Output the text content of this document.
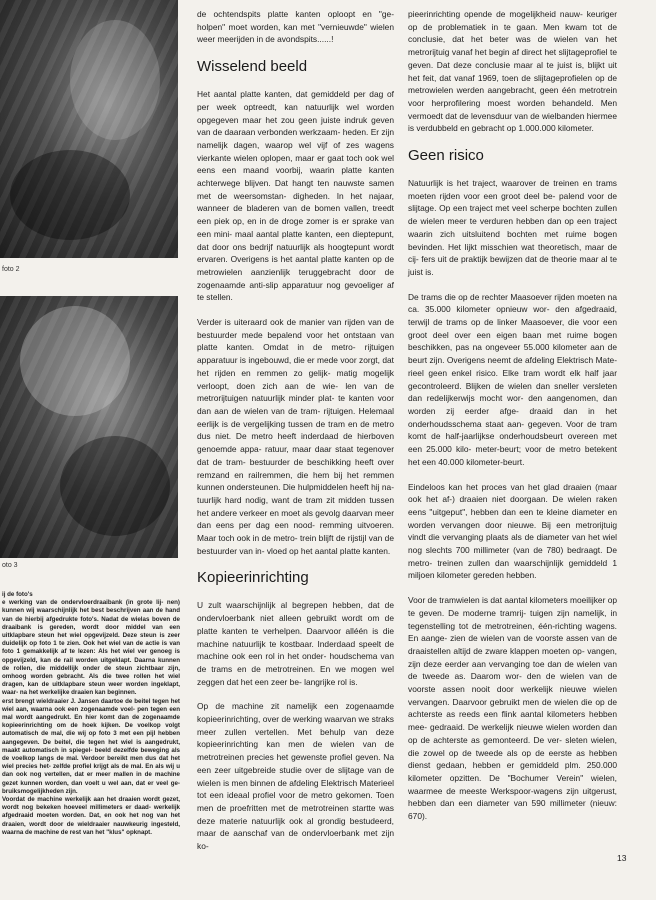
foto 2
oto 3

ij de foto's

e werking van de ondervloerdraaibank (in grote lij- nen) kunnen wij waarschijnlijk het best beschrijven aan de hand van de hierbij afgedrukte foto's. Nadat de wielas boven de draaibank is gereden, wordt door middel van een uitklapbare steun het wiel opgevijzeld. Deze steun is zeer duidelijk op foto 1 te zien. Ook het wiel van de actie is van foto 1 gemakkelijk af te lezen: Als het wiel ver genoeg is opgevijzeld, kan de rail worden uitgeklapt. Daarna kunnen de rollen, die middellijk onder de steun zichtbaar zijn, omhoog worden gebracht. Als die twee rollen het wiel dragen, kan de uitklapbare steun weer worden ingeklapt, waar- na het werkelijke draaien kan beginnen.

erst brengt wieldraaier J. Jansen daartoe de beitel tegen het wiel aan, waarna ook een zogenaamde voel- pen tegen een mal wordt aangedrukt. En hier komt dan de zogenaamde kopieerinrichting om de hoek kijken. De voelkop volgt automatisch de mal, die wij op foto 3 met een pijl hebben aangegeven. De beitel, die tegen het wiel is aangedrukt, maakt automatisch in spiegel- beeld dezelfde beweging als de voelkop langs de mal. Verdoor bereikt men dus dat het wiel precies het- zelfde profiel krijgt als de mal. En als wij u dan ook nog vertellen, dat er meer mallen in de machine gezet kunnen worden, dan voelt u wel aan, dat er veel ge- bruiksmogelijkheden zijn.

Voordat de machine werkelijk aan het draaien wordt gezet, wordt nog bekeken hoeveel millimeters er daad- werkelijk afgedraaid moeten worden. Dat, en ook het nog van het draaien, wordt door de wieldraaier nauwkeurig ingesteld, waarna de machine de rest van het "klus" opknapt.

de ochtendspits platte kanten oploopt en "ge- holpen" moet worden, kan met "vernieuwde" wielen weer meerijden in de avondspits......!

Wisselend beeld

Het aantal platte kanten, dat gemiddeld per dag of per week optreedt, kan natuurlijk wel worden opgegeven maar het zou geen juiste indruk geven van de daaraan verbonden werkzaam- heden. Er zijn namelijk dagen, waarop wel vijf of zes wagens vierkante wielen oplopen, maar er gaat toch ook wel eens een maand voorbij, waarin platte kanten achterwege blijven. Dat hangt ten nauwste samen met de weersomstan- digheden. In het najaar, wanneer de bladeren van de bomen vallen, treedt een piek op, en in de droge zomer is er sprake van een mini- maal aantal platte kanten, een dieptepunt, dat door ons bedrijf natuurlijk als hoogtepunt wordt ervaren. Overigens is het aantal platte kanten op de metrowielen aanzienlijk teruggebracht door de zogenaamde anti-slip apparatuur nog gevoeliger af te stellen.

Verder is uiteraard ook de manier van rijden van de bestuurder mede bepalend voor het ontstaan van platte kanten. Omdat in de metro- rijtuigen apparatuur is ingebouwd, die er mede voor zorgt, dat het rijden en remmen zo gelijk- matig mogelijk verloopt, doen zich aan de wie- len van de metrorijtuigen natuurlijk minder plat- te kanten voor dan aan de wielen van de tram- rijtuigen. Helemaal eerlijk is de vergelijking tussen de tram en de metro dus niet. De metro heeft inderdaad de hierboven genoemde appa- ratuur, maar daar staat tegenover dat de tram- bestuurder de beschikking heeft over remzand en railremmen, die hem bij het remmen kunnen ondersteunen. Die hulpmiddelen heeft hij na- tuurlijk hard nodig, want de tram zit midden tussen het andere verkeer en moet als gevolg daarvan meer dan eens per dag een nood- remming uitvoeren. Maar toch ook in de metro- trein blijft de rijstijl van de bestuurder van in- vloed op het aantal platte kanten.

Kopieerinrichting

U zult waarschijnlijk al begrepen hebben, dat de ondervloerbank niet alleen gebruikt wordt om de platte kanten te verhelpen. Daarvoor alléén is die machine natuurlijk te kostbaar. Inderdaad speelt de machine ook een rol in het onder- houdschema van de trams en de metrotreinen. En we mogen wel zeggen dat het een zeer be- langrijke rol is.

Op de machine zit namelijk een zogenaamde kopieerinrichting, over de werking waarvan we straks meer zullen vertellen. Met behulp van deze kopieerinrichting kan men de wielen van de metrotreinen precies het gewenste profiel geven. Na een zeer uitgebreide studie over de slijtage van de wielen is men binnen de afdeling Elektrisch Materieel tot een ideaal profiel voor de metro gekomen. Toen men de proefritten met de metrotreinen startte was deze materie natuurlijk ook al grondig bestudeerd, maar de aanschaf van de ondervloerbank met zijn ko-

pieerinrichting opende de mogelijkheid nauw- keuriger op de problematiek in te gaan. Men kwam tot de conclusie, dat het beter was de wielen van het metrorijtuig vanaf het begin af direct het slijtageprofiel te geven. Dat deze conclusie maar al te juist is, blijkt uit het feit, dat vanaf 1969, toen de slijtageprofielen op de metrowielen werden aangebracht, geen één metrotrein voor herprofilering moest worden behandeld. Men vermoedt dat de levensduur van de wielbanden hiermee is verdubbeld en gebracht op 1.000.000 kilometer.

Geen risico

Natuurlijk is het traject, waarover de treinen en trams moeten rijden voor een groot deel be- palend voor de slijtage. Op een traject met veel scherpe bochten zullen de wielen meer te verduren hebben dan op een traject waarin zich uitsluitend bochten met ruime bogen bevinden. Het lijkt misschien wat theoretisch, maar de cij- fers uit de praktijk bewijzen dat de theorie maar al te juist is.

De trams die op de rechter Maasoever rijden moeten na ca. 35.000 kilometer opnieuw wor- den afgedraaid, terwijl de trams op de linker Maasoever, die voor een groot deel over een eigen baan met ruime bogen beschikken, pas na ongeveer 55.000 kilometer aan de beurt zijn. Overigens neemt de afdeling Elektrisch Mate- rieel geen enkel risico. Elke tram wordt elk half jaar gecontroleerd. Blijken de wielen dan sneller versleten dan redelijkerwijs mocht wor- den aangenomen, dan worden zij eerder afge- draaid dan in het onderhoudsschema staat aan- gegeven. Voor de tram komt de half-jaarlijkse onderhoudsbeurt overeen met een 25.000 kilo- meter-beurt; voor de metro betekent het een 40.000 kilometer-beurt.

Eindeloos kan het proces van het glad draaien (maar ook het af-) draaien niet doorgaan. De wielen raken eens "uitgeput", hebben dan een te kleine diameter en worden vervangen door nieuwe. Bij een metrorijtuig vindt die vervanging plaats als de diameter van het wiel nog slechts 700 millimeter (van de 780) bedraagt. De metro- treinen zullen dan waarschijnlijk gemiddeld 1 miljoen kilometer gereden hebben.

Voor de tramwielen is dat aantal kilometers moeilijker op te geven. De moderne tramrij- tuigen zijn namelijk, in tegenstelling tot de metrotreinen, één-richting wagens. En aange- zien de wielen van de voorste assen van de draaistellen altijd de zware klappen moeten op- vangen, zijn deze eerder aan vervanging toe dan de wielen van de tweede as. Daarom wor- den de wielen van de voorste assen nooit door werkelijk nieuwe wielen vervangen. Daarvoor gebruikt men de wielen die op de achterste as reeds een flink aantal kilometers hebben mee- gedraaid. De werkelijk nieuwe wielen worden dan op de achterste as gemonteerd. De ver- sleten wielen, die zowel op de tweede als op de eerste as hebben dienst gedaan, hebben er gemiddeld plm. 250.000 kilometer opzitten. De "Bochumer Verein" wielen, waarmee de meeste Werkspoor-wagens zijn uitgerust, hebben dan een diameter van 590 millimeter (nieuw: 670).

13
